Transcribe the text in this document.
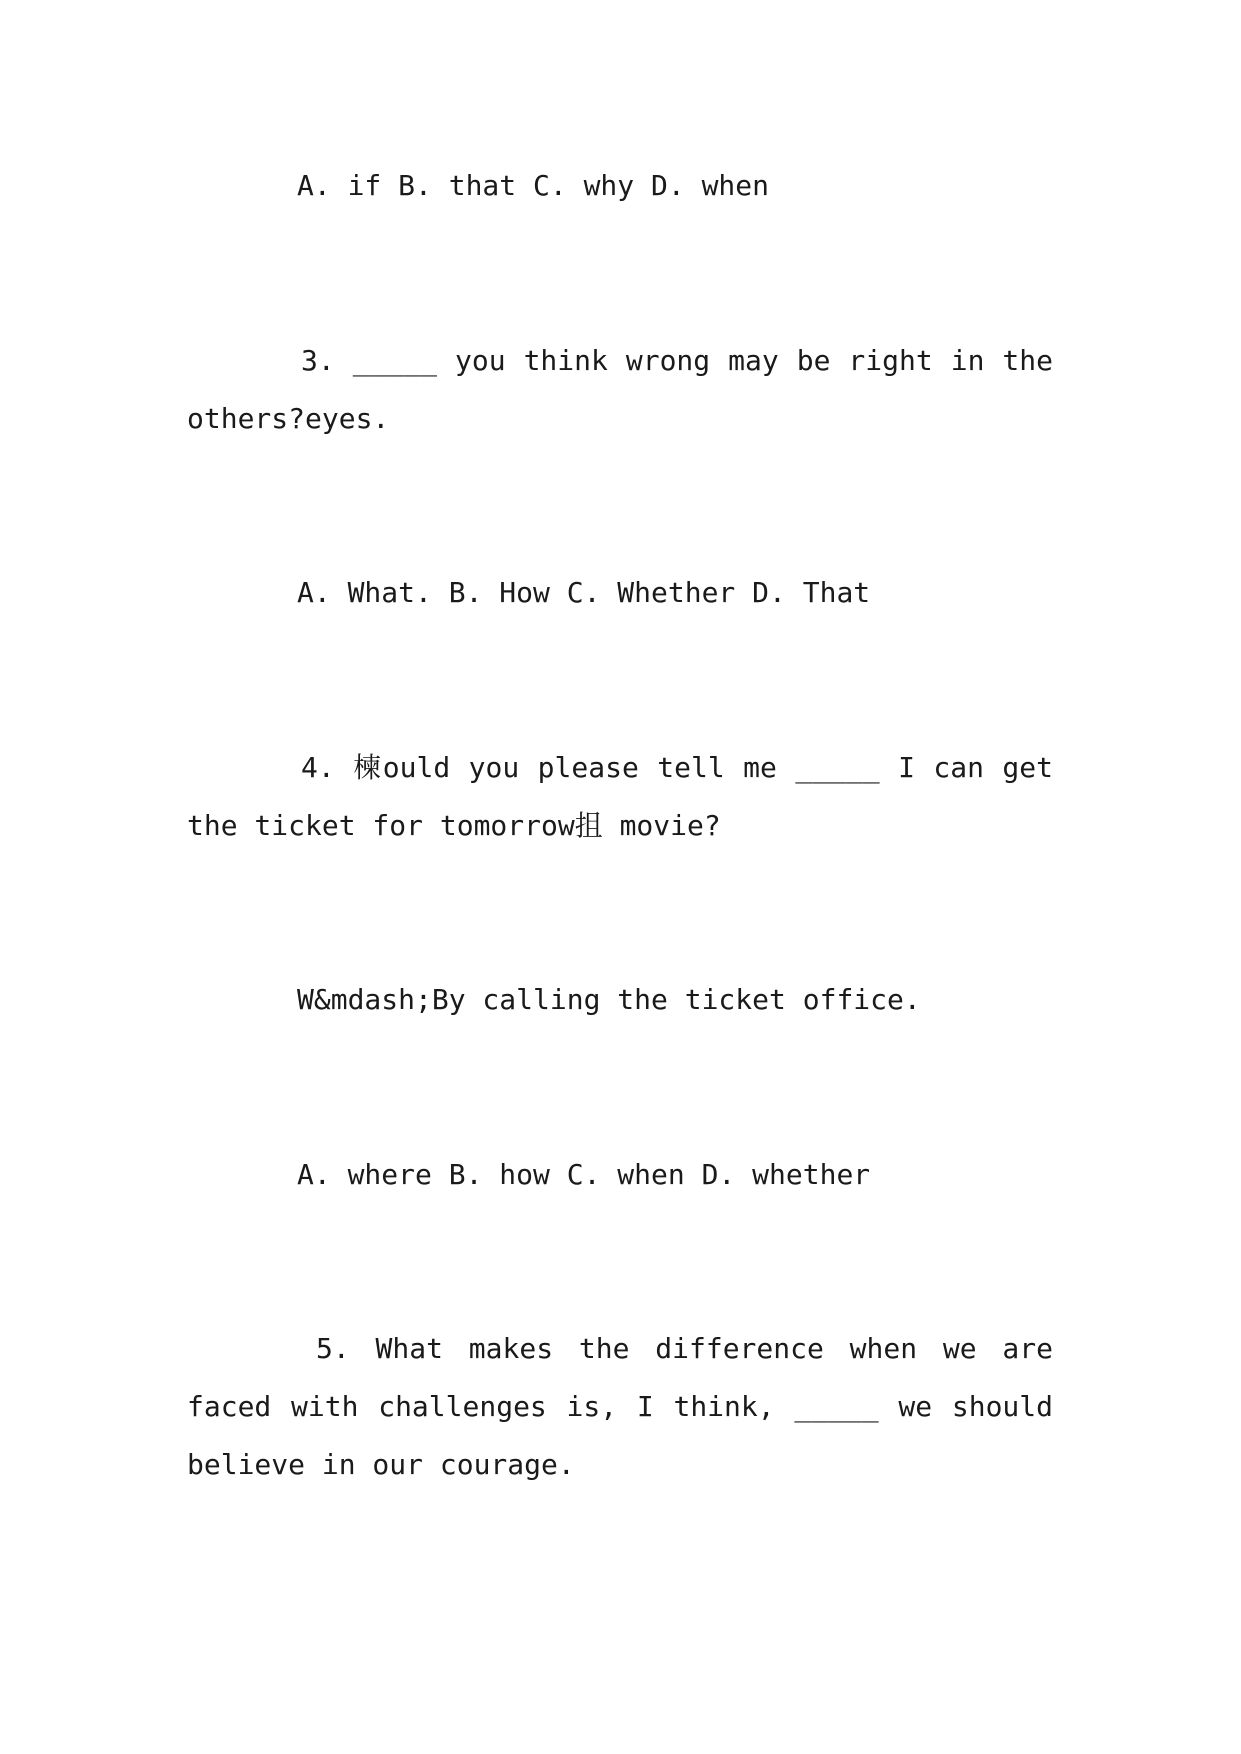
A. if B. that C. why D. when

3. _____ you think wrong may be right in the

others?eyes.

A. What. B. How C. Whether D. That

4. 楝ould you please tell me _____ I can get

the ticket for tomorrow抯 movie?

W&mdash;By calling the ticket office.

A. where B. how C. when D. whether

5. What makes the difference when we are

faced with challenges is, I think, _____ we should

believe in our courage.
